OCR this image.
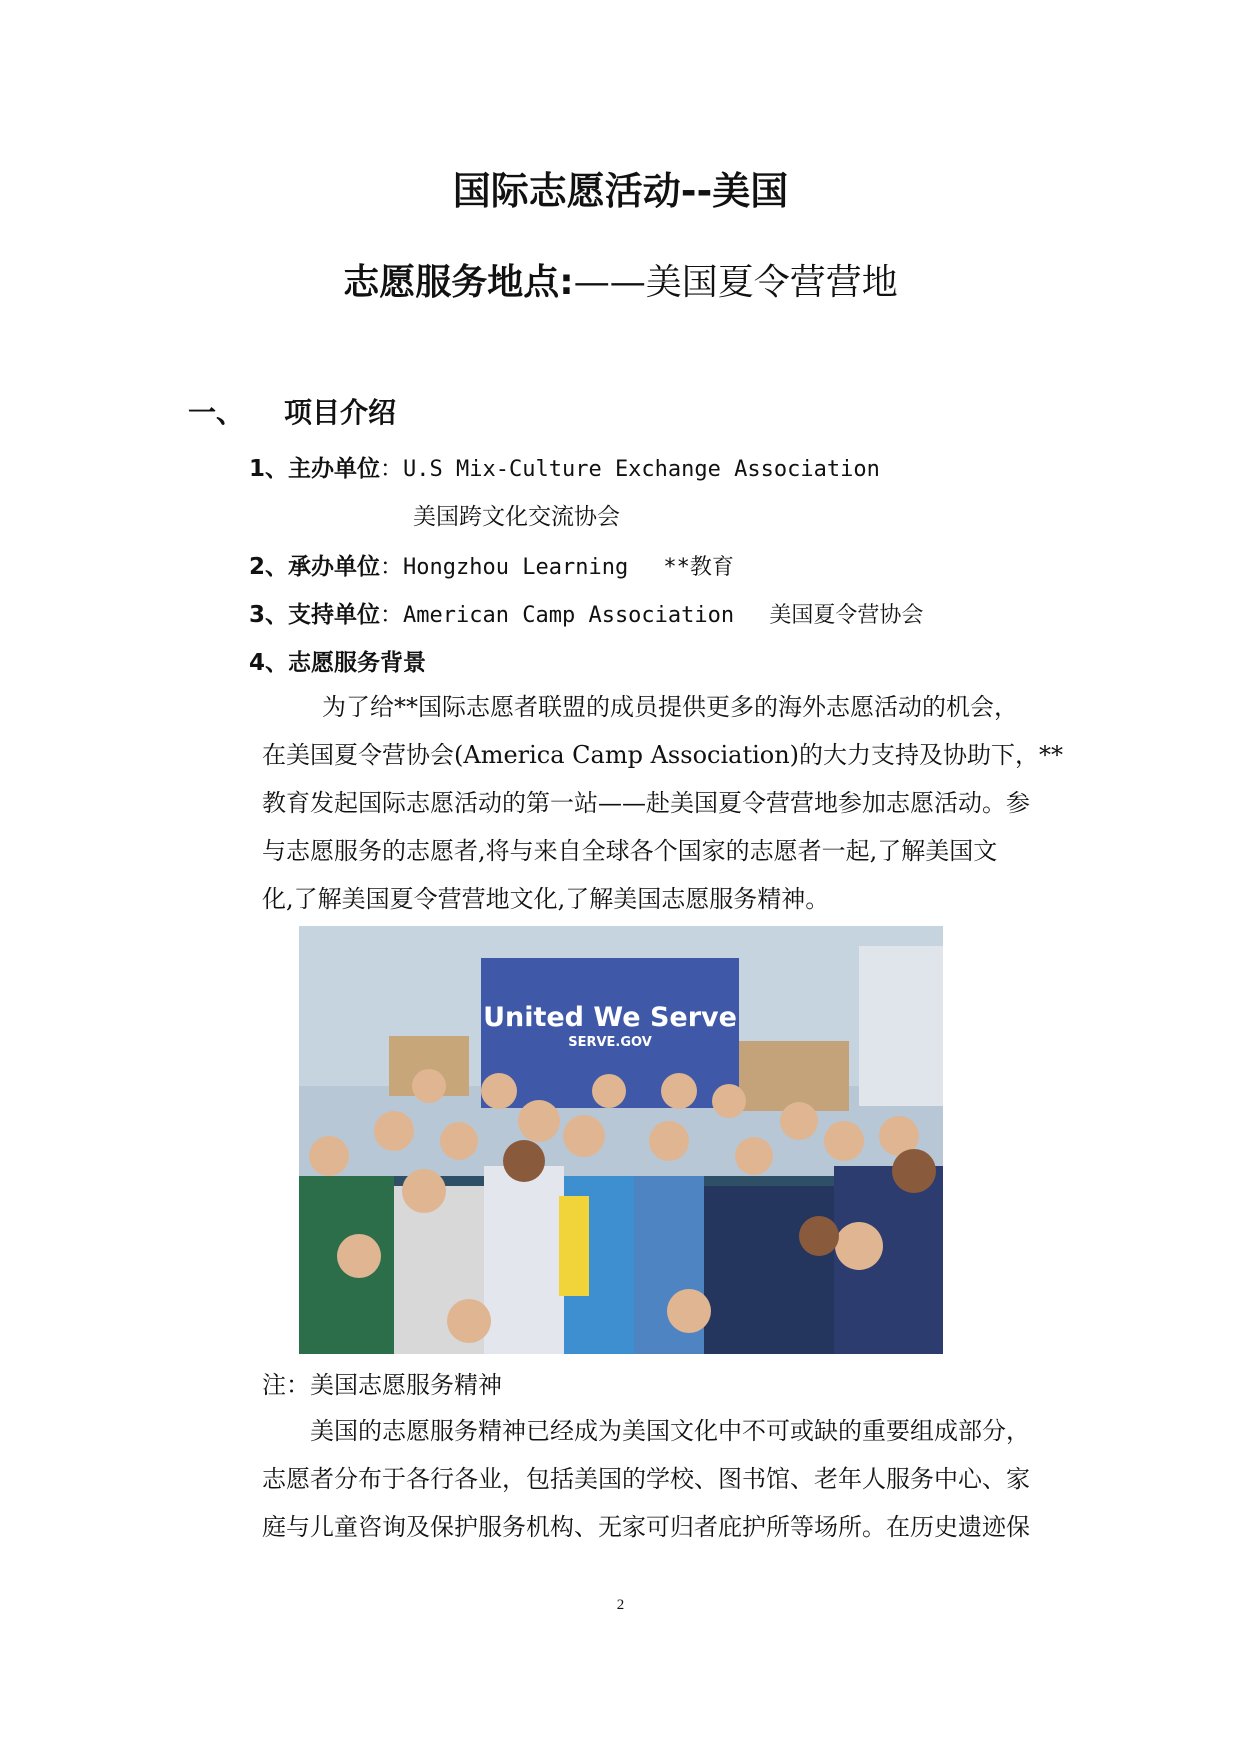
国际志愿活动--美国
志愿服务地点:——美国夏令营营地
一、 项目介绍
1、主办单位：U.S Mix-Culture Exchange Association
美国跨文化交流协会
2、承办单位：Hongzhou Learning　 **教育
3、支持单位：American Camp Association　 美国夏令营协会
4、志愿服务背景
为了给**国际志愿者联盟的成员提供更多的海外志愿活动的机会，
在美国夏令营协会(America Camp Association)的大力支持及协助下，**
教育发起国际志愿活动的第一站——赴美国夏令营营地参加志愿活动。参
与志愿服务的志愿者,将与来自全球各个国家的志愿者一起,了解美国文
化,了解美国夏令营营地文化,了解美国志愿服务精神。
United We Serve
SERVE.GOV
注：美国志愿服务精神
美国的志愿服务精神已经成为美国文化中不可或缺的重要组成部分，
志愿者分布于各行各业，包括美国的学校、图书馆、老年人服务中心、家
庭与儿童咨询及保护服务机构、无家可归者庇护所等场所。在历史遗迹保
2
